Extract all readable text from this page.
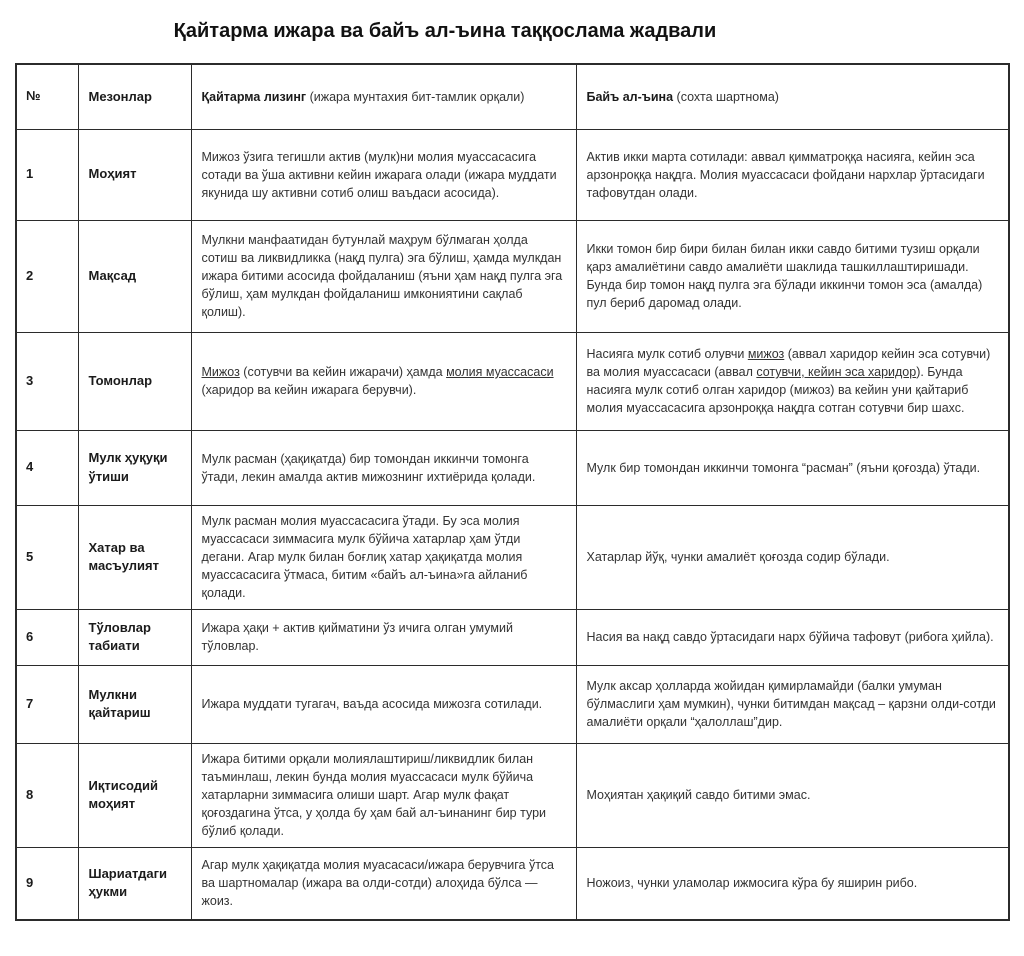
Қайтарма ижара ва байъ ал-ъина таққослама жадвали
№	Мезонлар	Қайтарма лизинг (ижара мунтахия бит-тамлик орқали)	Байъ ал-ъина (сохта шартнома)
1	Моҳият	Мижоз ўзига тегишли актив (мулк)ни молия муассасасига сотади ва ўша активни кейин ижарага олади (ижара муддати якунида шу активни сотиб олиш ваъдаси асосида).	Актив икки марта сотилади: аввал қимматроққа насияга, кейин эса арзонроққа нақдга. Молия муассасаси фойдани нархлар ўртасидаги тафовутдан олади.
2	Мақсад	Мулкни манфаатидан бутунлай маҳрум бўлмаган ҳолда сотиш ва ликвидликка (нақд пулга) эга бўлиш, ҳамда мулкдан ижара битими асосида фойдаланиш (яъни ҳам нақд пулга эга бўлиш, ҳам мулкдан фойдаланиш имкониятини сақлаб қолиш).	Икки томон бир бири билан билан икки савдо битими тузиш орқали қарз амалиётини савдо амалиёти шаклида ташкиллаштиришади. Бунда бир томон нақд пулга эга бўлади иккинчи томон эса (амалда) пул бериб даромад олади.
3	Томонлар	Мижоз (сотувчи ва кейин ижарачи) ҳамда молия муассасаси (харидор ва кейин ижарага берувчи).	Насияга мулк сотиб олувчи мижоз (аввал харидор кейин эса сотувчи) ва молия муассасаси (аввал сотувчи, кейин эса харидор). Бунда насияга мулк сотиб олган харидор (мижоз) ва кейин уни қайтариб молия муассасасига арзонроққа нақдга сотган сотувчи бир шахс.
4	Мулк ҳуқуқи ўтиши	Мулк расман (ҳақиқатда) бир томондан иккинчи томонга ўтади, лекин амалда актив мижознинг ихтиёрида қолади.	Мулк бир томондан иккинчи томонга “расман” (яъни қоғозда) ўтади.
5	Хатар ва масъулият	Мулк расман молия муассасасига ўтади. Бу эса молия муассасаси зиммасига мулк бўйича хатарлар ҳам ўтди дегани. Агар мулк билан боғлиқ хатар ҳақиқатда молия муассасасига ўтмаса, битим «байъ ал-ъина»га айланиб қолади.	Хатарлар йўқ, чунки амалиёт қоғозда содир бўлади.
6	Тўловлар табиати	Ижара ҳақи + актив қийматини ўз ичига олган умумий тўловлар.	Насия ва нақд савдо ўртасидаги нарх бўйича тафовут (рибога ҳийла).
7	Мулкни қайтариш	Ижара муддати тугагач, ваъда асосида мижозга сотилади.	Мулк аксар ҳолларда жойидан қимирламайди (балки умуман бўлмаслиги ҳам мумкин), чунки битимдан мақсад – қарзни олди-сотди амалиёти орқали “ҳалоллаш”дир.
8	Иқтисодий моҳият	Ижара битими орқали молиялаштириш/ликвидлик билан таъминлаш, лекин бунда молия муассасаси мулк бўйича хатарларни зиммасига олиши шарт. Агар мулк фақат қоғоздагина ўтса, у ҳолда бу ҳам бай ал-ъинанинг бир тури бўлиб қолади.	Моҳиятан ҳақиқий савдо битими эмас.
9	Шариатдаги ҳукми	Агар мулк ҳақиқатда молия муасасаси/ижара берувчига ўтса ва шартномалар (ижара ва олди-сотди) алоҳида бўлса — жоиз.	Ножоиз, чунки уламолар ижмосига кўра бу яширин рибо.
